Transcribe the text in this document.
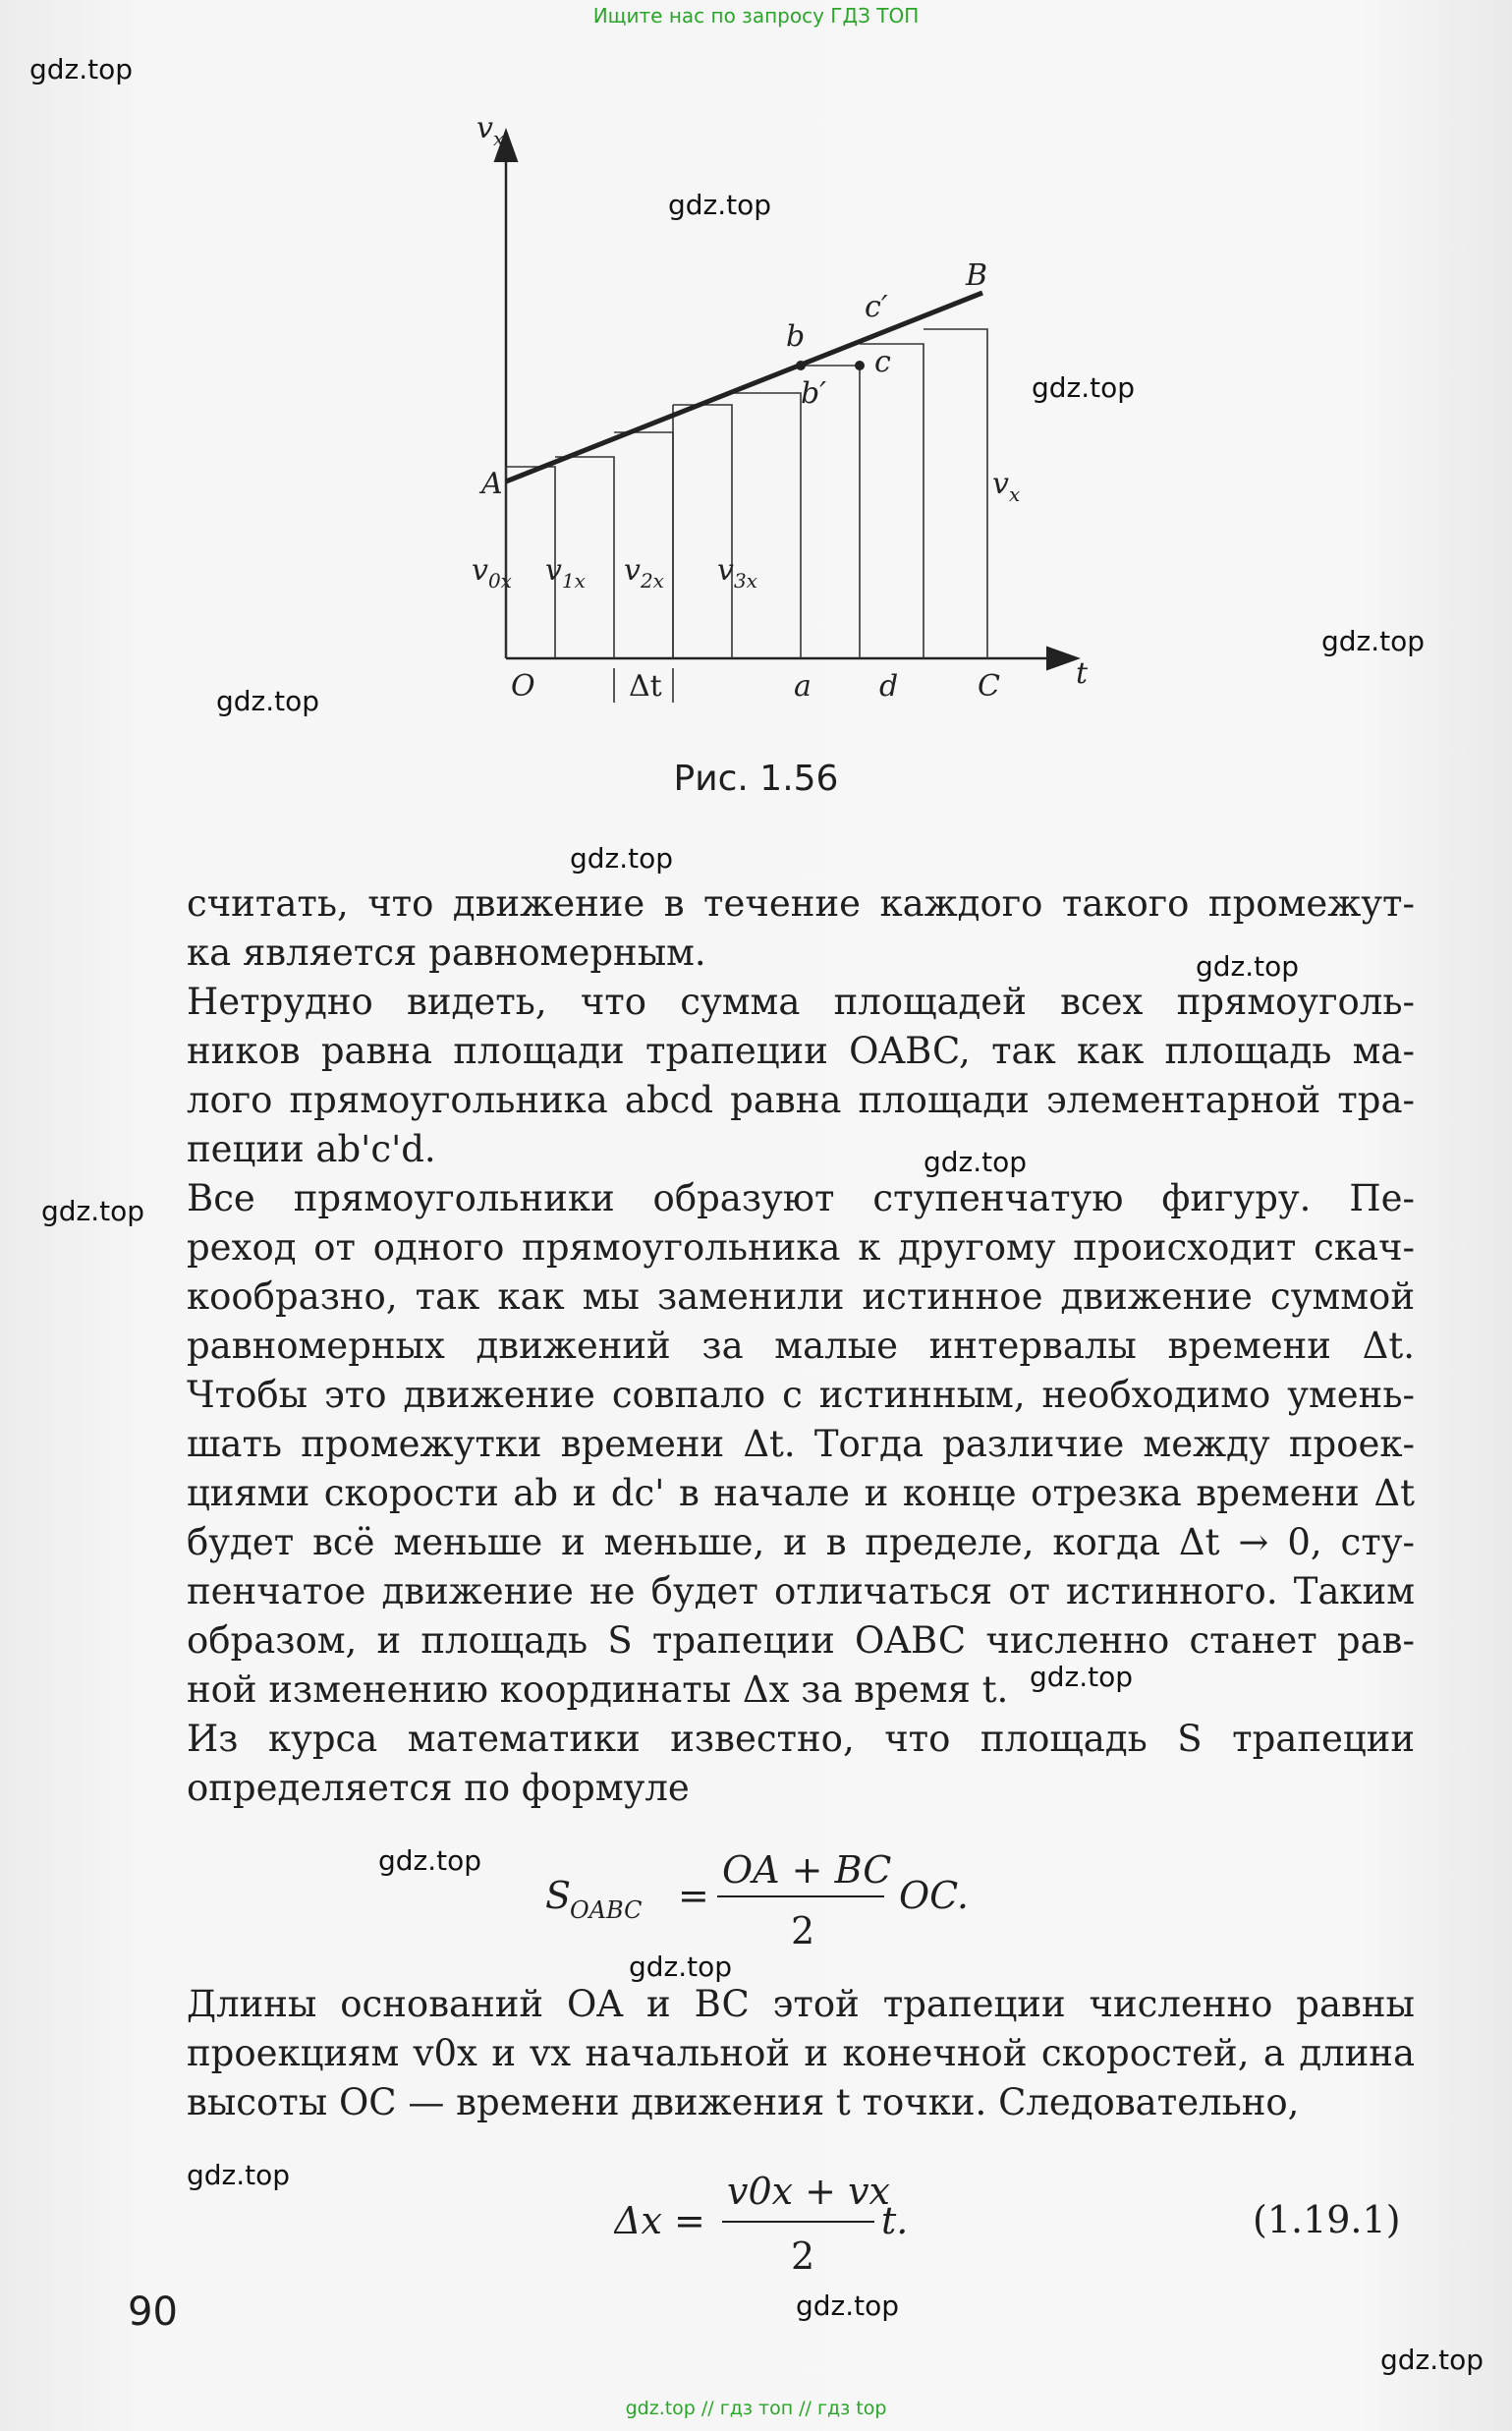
Ищите нас по запросу ГДЗ ТОП
gdz.top
gdz.top
gdz.top
gdz.top
gdz.top
gdz.top
gdz.top
gdz.top
gdz.top
gdz.top
gdz.top
gdz.top
gdz.top
gdz.top
gdz.top
$v_x$
t
A
B
O	C
a d
b
b′
c
c′
$v_{0x}$ $v_{1x}$ $v_{2x}$ $v_{3x}$
$v_x$
Δt
Рис. 1.56
считать, что движение в течение каждого такого промежут-
ка является равномерным.
Нетрудно видеть, что сумма площадей всех прямоуголь-
ников равна площади трапеции OABC, так как площадь ма-
лого прямоугольника abcd равна площади элементарной тра-
пеции ab'c'd.
Все прямоугольники образуют ступенчатую фигуру. Пе-
реход от одного прямоугольника к другому происходит скач-
кообразно, так как мы заменили истинное движение суммой
равномерных движений за малые интервалы времени Δt.
Чтобы это движение совпало с истинным, необходимо умень-
шать промежутки времени Δt. Тогда различие между проек-
циями скорости ab и dc' в начале и конце отрезка времени Δt
будет всё меньше и меньше, и в пределе, когда Δt → 0, сту-
пенчатое движение не будет отличаться от истинного. Таким
образом, и площадь S трапеции OABC численно станет рав-
ной изменению координаты Δx за время t.
Из курса математики известно, что площадь S трапеции
определяется по формуле
S
OABC =
OA + BC
2
OC.
Длины оснований OA и BC этой трапеции численно равны
проекциям v0x и vx начальной и конечной скоростей, а длина
высоты OC — времени движения t точки. Следовательно,
Δx =
v0x + vx
2
t.	(1.19.1)
90
gdz.top // гдз топ // гдз top
